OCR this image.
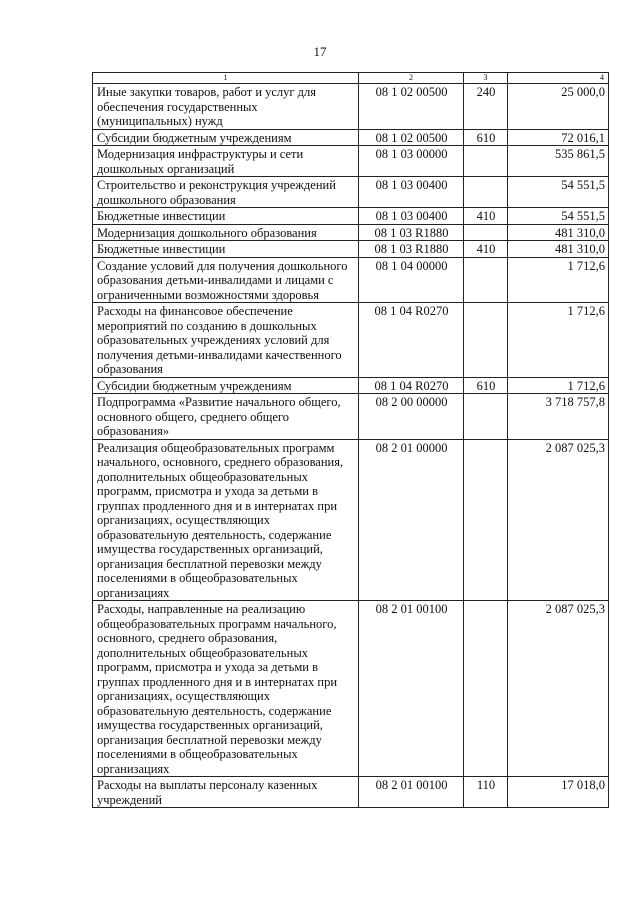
17
1	2	3	4
Иные закупки товаров, работ и услуг для обеспечения государственных (муниципальных) нужд	08 1 02 00500	240	25 000,0
Субсидии бюджетным учреждениям	08 1 02 00500	610	72 016,1
Модернизация инфраструктуры и сети дошкольных организаций	08 1 03 00000		535 861,5
Строительство и реконструкция учреждений дошкольного образования	08 1 03 00400		54 551,5
Бюджетные инвестиции	08 1 03 00400	410	54 551,5
Модернизация дошкольного образования	08 1 03 R1880		481 310,0
Бюджетные инвестиции	08 1 03 R1880	410	481 310,0
Создание условий для получения дошкольного образования детьми-инвалидами и лицами с ограниченными возможностями здоровья	08 1 04 00000		1 712,6
Расходы на финансовое обеспечение мероприятий по созданию в дошкольных образовательных учреждениях условий для получения детьми-инвалидами качественного образования	08 1 04 R0270		1 712,6
Субсидии бюджетным учреждениям	08 1 04 R0270	610	1 712,6
Подпрограмма «Развитие начального общего, основного общего, среднего общего образования»	08 2 00 00000		3 718 757,8
Реализация общеобразовательных программ начального, основного, среднего образования, дополнительных общеобразовательных программ, присмотра и ухода за детьми в группах продленного дня и в интернатах при организациях, осуществляющих образовательную деятельность, содержание имущества государственных организаций, организация бесплатной перевозки между поселениями в общеобразовательных организациях	08 2 01 00000		2 087 025,3
Расходы, направленные на реализацию общеобразовательных программ начального, основного, среднего образования, дополнительных общеобразовательных программ, присмотра и ухода за детьми в группах продленного дня и в интернатах при организациях, осуществляющих образовательную деятельность, содержание имущества государственных организаций, организация бесплатной перевозки между поселениями в общеобразовательных организациях	08 2 01 00100		2 087 025,3
Расходы на выплаты персоналу казенных учреждений	08 2 01 00100	110	17 018,0
